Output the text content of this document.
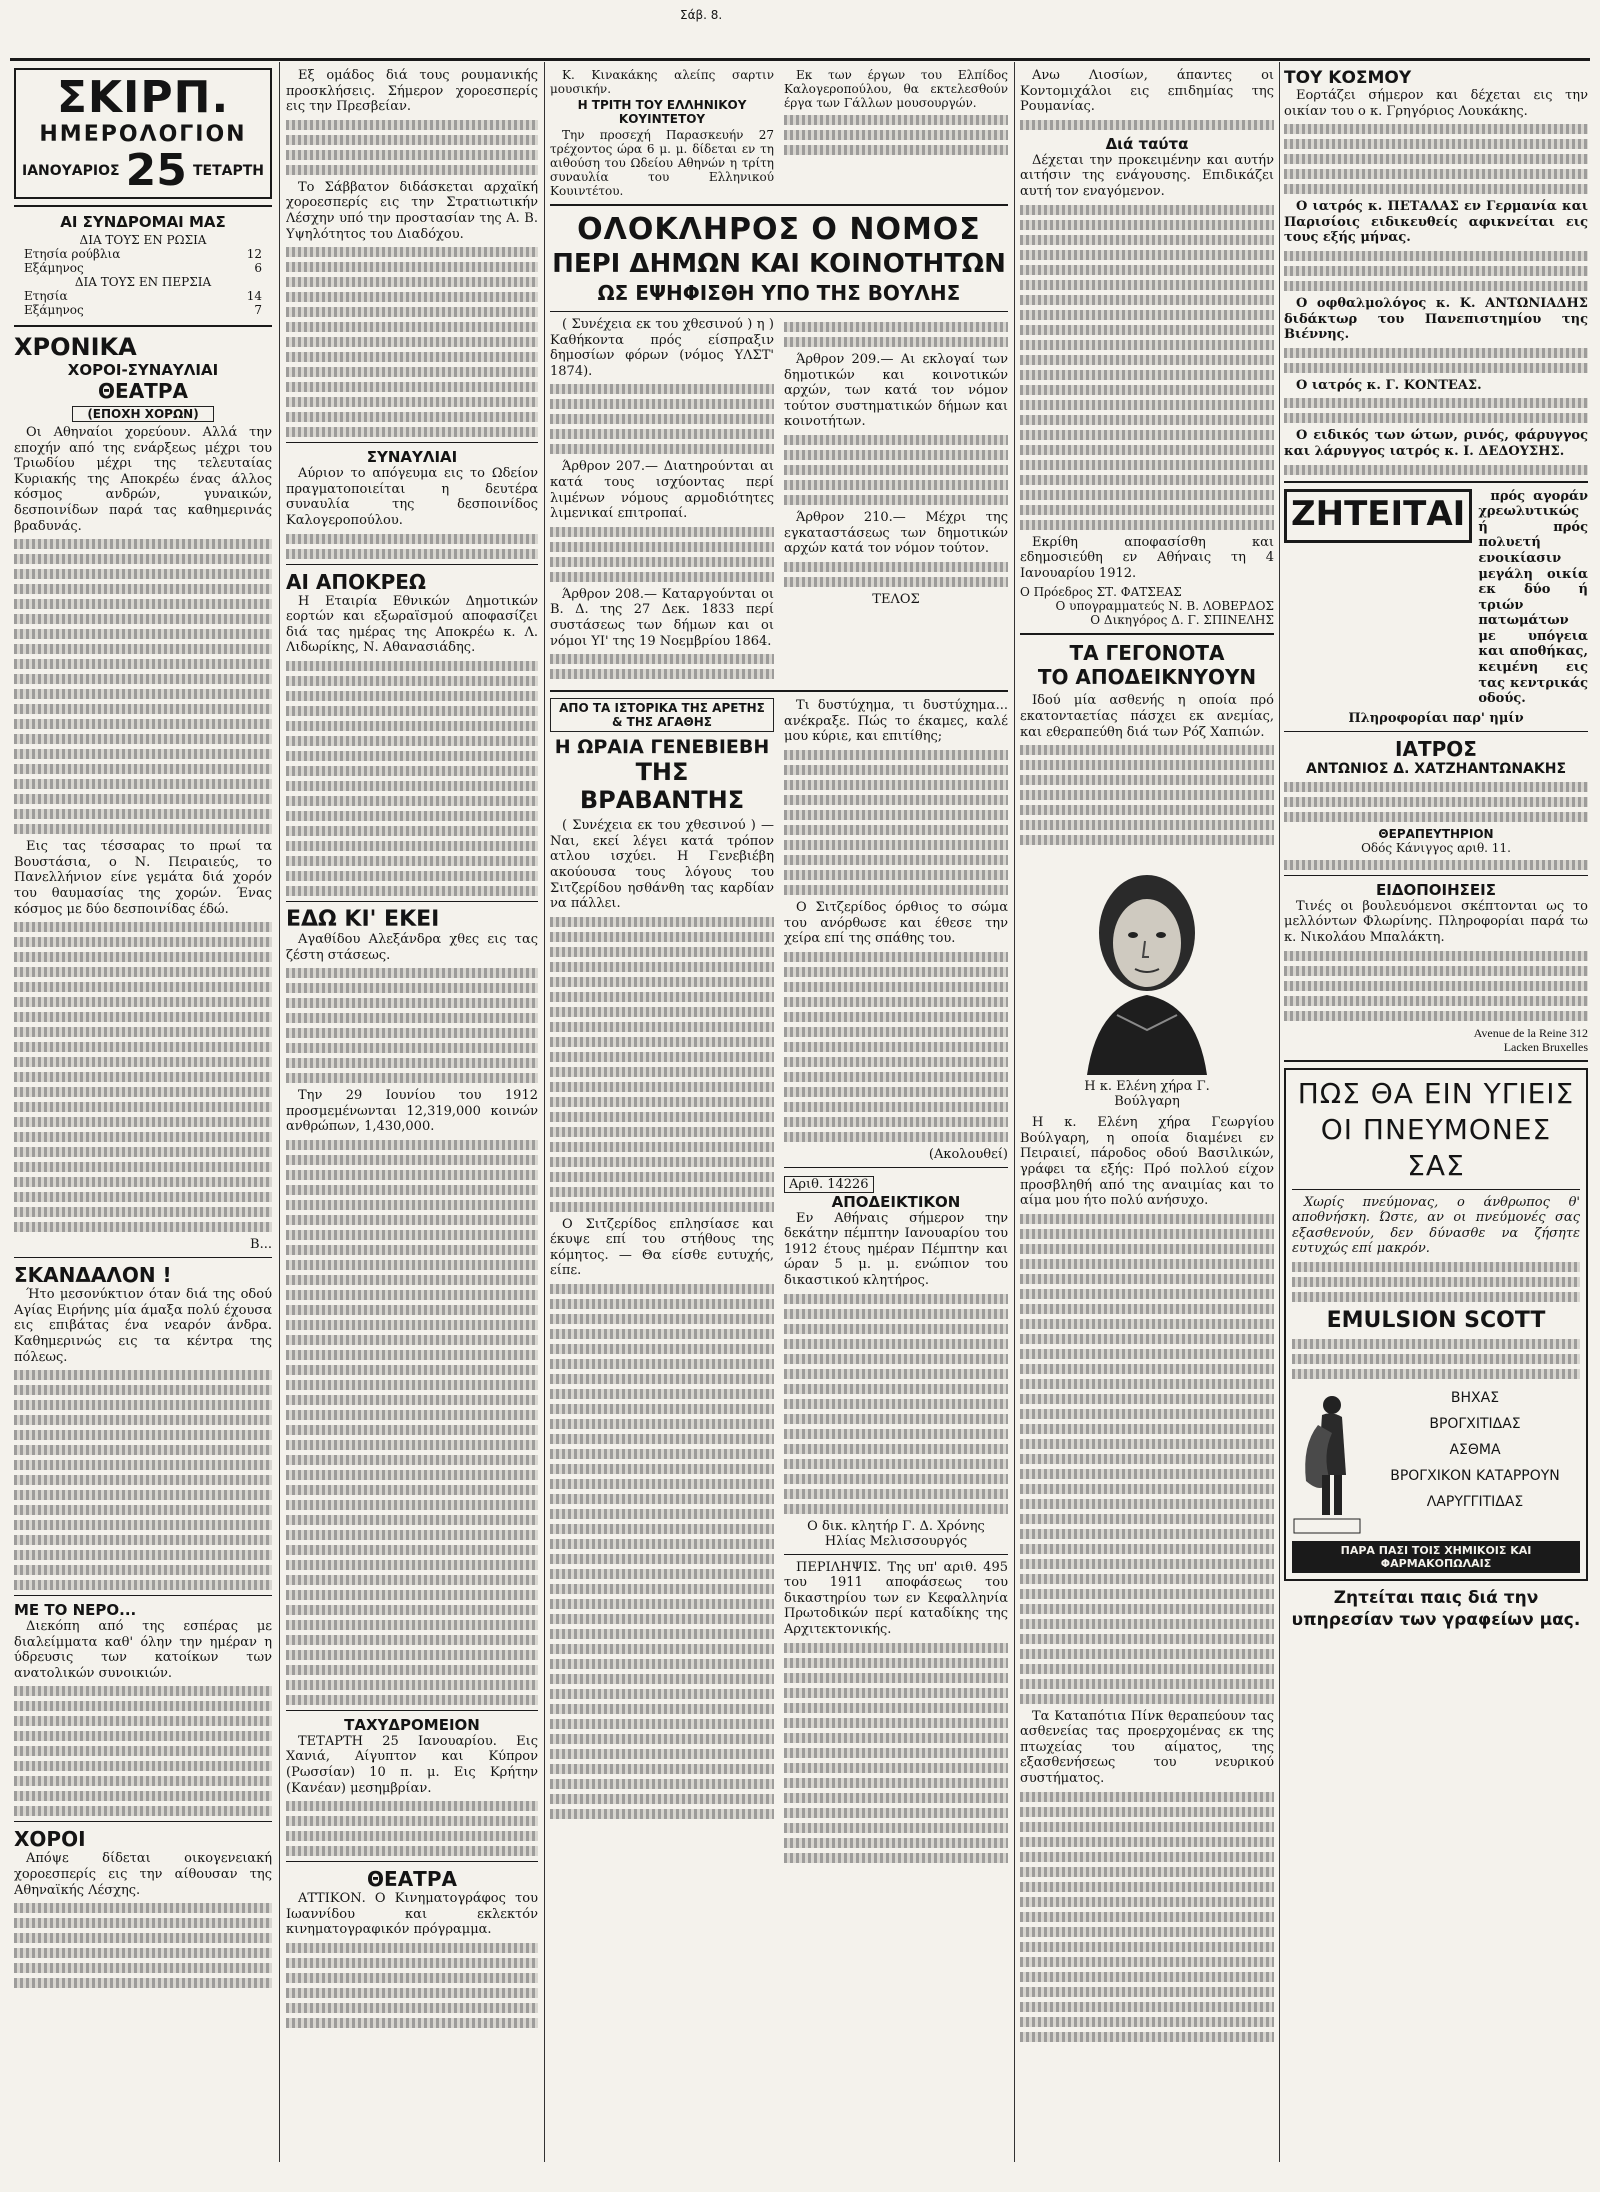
Σάβ. 8.
ΣΚΙΡΠ.
ΗΜΕΡΟΛΟΓΙΟΝ
ΙΑΝΟΥΑΡΙΟΣ 25 ΤΕΤΑΡΤΗ
ΑΙ ΣΥΝΔΡΟΜΑΙ ΜΑΣ
ΔΙΑ ΤΟΥΣ ΕΝ ΡΩΣΙΑ
Ετησία ρούβλια	12
Εξάμηνος	6
ΔΙΑ ΤΟΥΣ ΕΝ ΠΕΡΣΙΑ
Ετησία	14
Εξάμηνος	7
ΧΡΟΝΙΚΑ
ΧΟΡΟΙ-ΣΥΝΑΥΛΙΑΙ
ΘΕΑΤΡΑ
(ΕΠΟΧΗ ΧΟΡΩΝ)

Οι Αθηναίοι χορεύουν. Αλλά την εποχήν από της ενάρξεως μέχρι του Τριωδίου μέχρι της τελευταίας Κυριακής της Αποκρέω ένας άλλος κόσμος ανδρών, γυναικών, δεσποινίδων παρά τας καθημερινάς βραδυνάς.

Εις τας τέσσαρας το πρωί τα Βουστάσια, ο Ν. Πειραιεύς, το Πανελλήνιον είνε γεμάτα διά χορόν του θαυμασίας της χορών. Ένας κόσμος με δύο δεσποινίδας έδώ.

Β...
ΣΚΑΝΔΑΛΟΝ !

Ήτο μεσονύκτιον όταν διά της οδού Αγίας Ειρήνης μία άμαξα πολύ έχουσα εις επιβάτας ένα νεαρόν άνδρα. Καθημερινώς εις τα κέντρα της πόλεως.

ΜΕ ΤΟ ΝΕΡΟ...

Διεκόπη από της εσπέρας με διαλείμματα καθ' όλην την ημέραν η ύδρευσις των κατοίκων των ανατολικών συνοικιών.

ΧΟΡΟΙ

Απόψε δίδεται οικογενειακή χοροεσπερίς εις την αίθουσαν της Αθηναϊκής Λέσχης.

Εξ ομάδος διά τους ρουμανικής προσκλήσεις. Σήμερον χοροεσπερίς εις την Πρεσβείαν.

Το Σάββατον διδάσκεται αρχαϊκή χοροεσπερίς εις την Στρατιωτικήν Λέσχην υπό την προστασίαν της Α. Β. Υψηλότητος του Διαδόχου.

ΣΥΝΑΥΛΙΑΙ

Αύριον το απόγευμα εις το Ωδείον πραγματοποιείται η δευτέρα συναυλία της δεσποινίδος Καλογεροπούλου.

ΑΙ ΑΠΟΚΡΕΩ

Η Εταιρία Εθνικών Δημοτικών εορτών και εξωραϊσμού αποφασίζει διά τας ημέρας της Αποκρέω κ. Λ. Λιδωρίκης, Ν. Αθανασιάδης.

ΕΔΩ ΚΙ' ΕΚΕΙ

Αγαθίδου Αλεξάνδρα χθες εις τας ζέστη στάσεως.

Την 29 Ιουνίου του 1912 προσμεμένωνται 12,319,000 κοινών ανθρώπων, 1,430,000.

ΤΑΧΥΔΡΟΜΕΙΟΝ

ΤΕΤΑΡΤΗ 25 Ιανουαρίου. Εις Χανιά, Αίγυπτον και Κύπρον (Ρωσσίαν) 10 π. μ. Εις Κρήτην (Κανέαν) μεσημβρίαν.

ΘΕΑΤΡΑ

ΑΤΤΙΚΟΝ. Ο Κινηματογράφος του Ιωαννίδου και εκλεκτόν κινηματογραφικόν πρόγραμμα.

Κ. Κινακάκης αλείπς σαρτιν μουσικήν.

Η ΤΡΙΤΗ ΤΟΥ ΕΛΛΗΝΙΚΟΥ ΚΟΥΙΝΤΕΤΟΥ

Την προσεχή Παρασκευήν 27 τρέχοντος ώρα 6 μ. μ. δίδεται εν τη αιθούση του Ωδείου Αθηνών η τρίτη συναυλία του Ελληνικού Κουιντέτου.

Εκ των έργων του Ελπίδος Καλογεροπούλου, θα εκτελεσθούν έργα των Γάλλων μουσουργών.

ΟΛΟΚΛΗΡΟΣ Ο ΝΟΜΟΣ
ΠΕΡΙ ΔΗΜΩΝ ΚΑΙ ΚΟΙΝΟΤΗΤΩΝ
ΩΣ ΕΨΗΦΙΣΘΗ ΥΠΟ ΤΗΣ ΒΟΥΛΗΣ

( Συνέχεια εκ του χθεσινού ) η ) Καθήκοντα πρός είσπραξιν δημοσίων φόρων (νόμος ΥΛΣΤ' 1874).

Άρθρον 207.— Διατηρούνται αι κατά τους ισχύοντας περί λιμένων νόμους αρμοδιότητες λιμενικαί επιτροπαί.

Άρθρον 208.— Καταργούνται οι Β. Δ. της 27 Δεκ. 1833 περί συστάσεως των δήμων και οι νόμοι ΥΙ' της 19 Νοεμβρίου 1864.

Άρθρον 209.— Αι εκλογαί των δημοτικών και κοινοτικών αρχών, των κατά τον νόμον τούτον συστηματικών δήμων και κοινοτήτων.

Άρθρον 210.— Μέχρι της εγκαταστάσεως των δημοτικών αρχών κατά τον νόμον τούτον.

ΤΕΛΟΣ
ΑΠΟ ΤΑ ΙΣΤΟΡΙΚΑ ΤΗΣ ΑΡΕΤΗΣ & ΤΗΣ ΑΓΑΘΗΣ
Η ΩΡΑΙΑ ΓΕΝΕΒΙΕΒΗ
ΤΗΣ ΒΡΑΒΑΝΤΗΣ

( Συνέχεια εκ του χθεσινού ) — Ναι, εκεί λέγει κατά τρόπον ατλου ισχύει. Η Γενεβιέβη ακούουσα τους λόγους του Σιτζερίδου ησθάνθη τας καρδίαν να πάλλει.

Ο Σιτζερίδος επλησίασε και έκυψε επί του στήθους της κόμητος. — Θα είσθε ευτυχής, είπε.

Τι δυστύχημα, τι δυστύχημα... ανέκραξε. Πώς το έκαμες, καλέ μου κύριε, και επιτίθης;

Ο Σιτζερίδος όρθιος το σώμα του ανόρθωσε και έθεσε την χείρα επί της σπάθης του.

(Ακολουθεί)
Αριθ. 14226
ΑΠΟΔΕΙΚΤΙΚΟΝ

Εν Αθήναις σήμερον την δεκάτην πέμπτην Ιανουαρίου του 1912 έτους ημέραν Πέμπτην και ώραν 5 μ. μ. ενώπιον του δικαστικού κλητήρος.

Ο δικ. κλητήρ Γ. Δ. Χρόνης
Ηλίας Μελισσουργός

ΠΕΡΙΛΗΨΙΣ. Της υπ' αριθ. 495 του 1911 αποφάσεως του δικαστηρίου των εν Κεφαλληνία Πρωτοδικών περί καταδίκης της Αρχιτεκτονικής.

Ανω Λιοσίων, άπαντες οι Κοντομιχάλοι εις επιδημίας της Ρουμανίας.

Διά ταύτα

Δέχεται την προκειμένην και αυτήν αιτήσιν της ενάγουσης. Επιδικάζει αυτή τον εναγόμενον.

Εκρίθη αποφασίσθη και εδημοσιεύθη εν Αθήναις τη 4 Ιανουαρίου 1912.

Ο Πρόεδρος ΣΤ. ΦΑΤΣΕΑΣ
Ο υπογραμματεύς Ν. Β. ΛΟΒΕΡΔΟΣ
Ο Δικηγόρος Δ. Γ. ΣΠΙΝΕΛΗΣ
ΤΑ ΓΕΓΟΝΟΤΑ
ΤΟ ΑΠΟΔΕΙΚΝΥΟΥΝ

Ιδού μία ασθενής η οποία πρό εκατονταετίας πάσχει εκ ανεμίας, και εθεραπεύθη διά των Ρόζ Χαπιών.

Η κ. Ελένη χήρα Γ.
Βούλγαρη

Η κ. Ελένη χήρα Γεωργίου Βούλγαρη, η οποία διαμένει εν Πειραιεί, πάροδος οδού Βασιλικών, γράφει τα εξής: Πρό πολλού είχον προσβληθή από της αναιμίας και το αίμα μου ήτο πολύ ανήσυχο.

Τα Καταπότια Πίνκ θεραπεύουν τας ασθενείας τας προερχομένας εκ της πτωχείας του αίματος, της εξασθενήσεως του νευρικού συστήματος.

ΤΟΥ ΚΟΣΜΟΥ

Εορτάζει σήμερον και δέχεται εις την οικίαν του ο κ. Γρηγόριος Λουκάκης.

Ο ιατρός κ. ΠΕΤΑΛΑΣ εν Γερμανία και Παρισίοις ειδικευθείς αφικνείται εις τους εξής μήνας.

Ο οφθαλμολόγος κ. Κ. ΑΝΤΩΝΙΑΔΗΣ διδάκτωρ του Πανεπιστημίου της Βιέννης.

Ο ιατρός κ. Γ. ΚΟΝΤΕΑΣ.

Ο ειδικός των ώτων, ρινός, φάρυγγος και λάρυγγος ιατρός κ. Ι. ΔΕΔΟΥΣΗΣ.

ΖΗΤΕΙΤΑΙ	πρός αγοράν χρεωλυτικώς ή πρός πολυετή ενοικίασιν μεγάλη οικία εκ δύο ή τριών πατωμάτων με υπόγεια και αποθήκας, κειμένη εις τας κεντρικάς οδούς.

Πληροφορίαι παρ' ημίν
ΙΑΤΡΟΣ
ΑΝΤΩΝΙΟΣ Δ. ΧΑΤΖΗΑΝΤΩΝΑΚΗΣ
ΘΕΡΑΠΕΥΤΗΡΙΟΝ
Οδός Κάνιγγος αριθ. 11.
ΕΙΔΟΠΟΙΗΣΕΙΣ

Τινές οι βουλευόμενοι σκέπτονται ως το μελλόντων Φλωρίνης. Πληροφορίαι παρά τω κ. Νικολάου Μπαλάκτη.

Avenue de la Reine 312
Lacken Bruxelles
ΠΩΣ ΘΑ ΕΙΝ ΥΓΙΕΙΣ ΟΙ ΠΝΕΥΜΟΝΕΣ ΣΑΣ

Χωρίς πνεύμονας, ο άνθρωπος θ' αποθνήσκη. Ώστε, αν οι πνεύμονές σας εξασθενούν, δεν δύνασθε να ζήσητε ευτυχώς επί μακρόν.

EMULSION SCOTT
ΒΗΧΑΣ
ΒΡΟΓΧΙΤΙΔΑΣ
ΑΣΘΜΑ
ΒΡΟΓΧΙΚΟΝ ΚΑΤΑΡΡΟΥΝ
ΛΑΡΥΓΓΙΤΙΔΑΣ
ΠΑΡΑ ΠΑΣΙ ΤΟΙΣ ΧΗΜΙΚΟΙΣ ΚΑΙ ΦΑΡΜΑΚΟΠΩΛΑΙΣ
Ζητείται παις διά την υπηρεσίαν των γραφείων μας.
